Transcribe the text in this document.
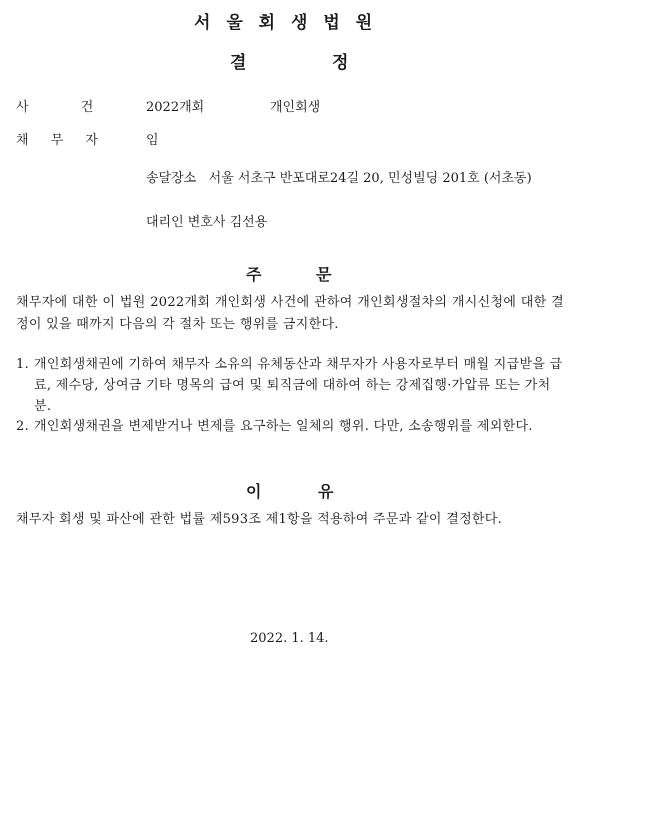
서 울 회 생 법 원
결	정
사 건	2022개회	개인회생
채 무 자	임
송달장소 서울 서초구 반포대로24길 20, 민성빌딩 201호 (서초동)
대리인 변호사 김선용
주	문
채무자에 대한 이 법원 2022개회 개인회생 사건에 관하여 개인회생절차의 개시신청에 대한 결정이 있을 때까지 다음의 각 절차 또는 행위를 금지한다.
1. 개인회생채권에 기하여 채무자 소유의 유체동산과 채무자가 사용자로부터 매월 지급받을 급료, 제수당, 상여금 기타 명목의 급여 및 퇴직금에 대하여 하는 강제집행·가압류 또는 가처분.
2. 개인회생채권을 변제받거나 변제를 요구하는 일체의 행위. 다만, 소송행위를 제외한다.
이	유
채무자 회생 및 파산에 관한 법률 제593조 제1항을 적용하여 주문과 같이 결정한다.
2022. 1. 14.
